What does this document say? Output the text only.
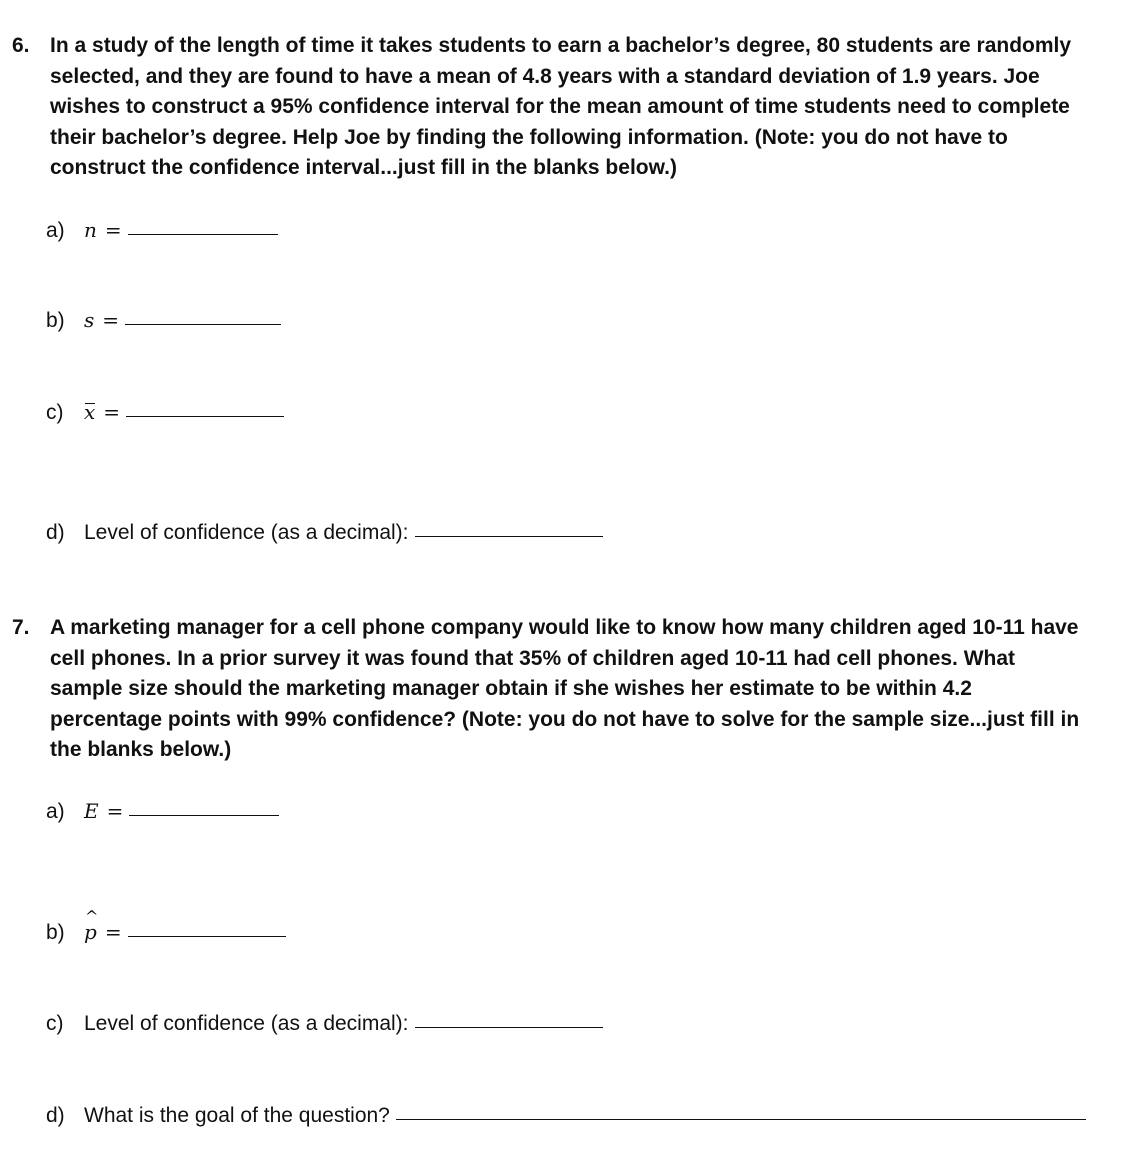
6. In a study of the length of time it takes students to earn a bachelor’s degree, 80 students are randomly
selected, and they are found to have a mean of 4.8 years with a standard deviation of 1.9 years. Joe
wishes to construct a 95% confidence interval for the mean amount of time students need to complete
their bachelor’s degree. Help Joe by finding the following information. (Note: you do not have to
construct the confidence interval...just fill in the blanks below.)
a) n =
b) s =
c)	x =
d) Level of confidence (as a decimal):
7. A marketing manager for a cell phone company would like to know how many children aged 10-11 have
cell phones. In a prior survey it was found that 35% of children aged 10-11 had cell phones. What
sample size should the marketing manager obtain if she wishes her estimate to be within 4.2
percentage points with 99% confidence? (Note: you do not have to solve for the sample size...just fill in
the blanks below.)
a) E =
b)
^ p =
c) Level of confidence (as a decimal):
d) What is the goal of the question?
